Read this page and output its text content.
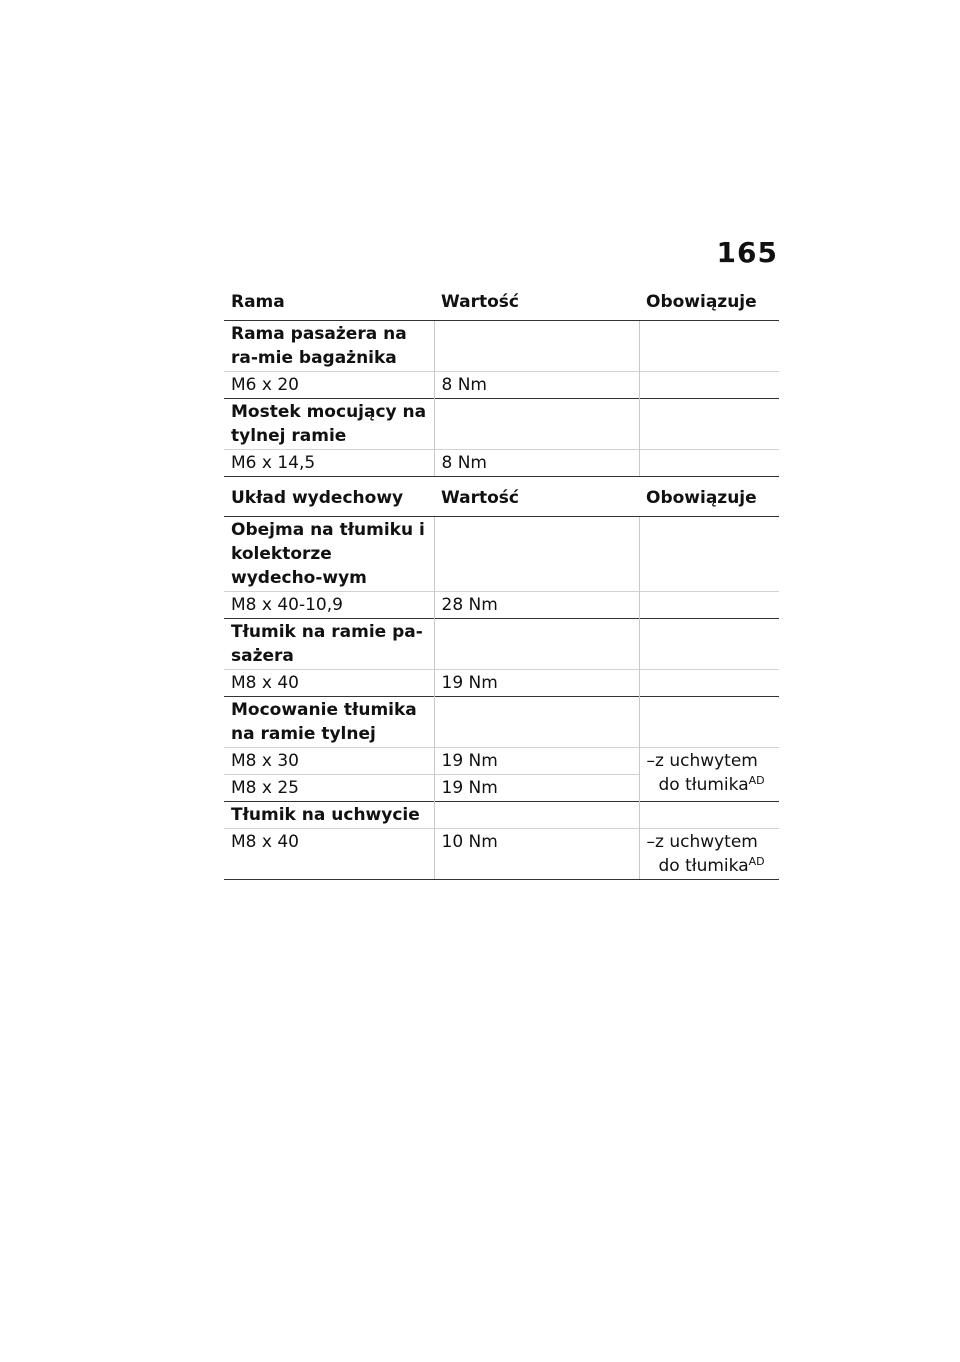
165
Rama	Wartość	Obowiązuje
Rama pasażera na ra-mie bagażnika		
M6 x 20	8 Nm	
Mostek mocujący na tylnej ramie		
M6 x 14,5	8 Nm	
Układ wydechowy	Wartość	Obowiązuje
Obejma na tłumiku i kolektorze wydecho-wym		
M8 x 40-10,9	28 Nm	
Tłumik na ramie pa-sażera		
M8 x 40	19 Nm	
Mocowanie tłumika na ramie tylnej		
M8 x 30	19 Nm	–z uchwytem do tłumika$^{AD}$

M8 x 25	19 Nm	
Tłumik na uchwycie		
M8 x 40	10 Nm	–z uchwytem do tłumika$^{AD}$
